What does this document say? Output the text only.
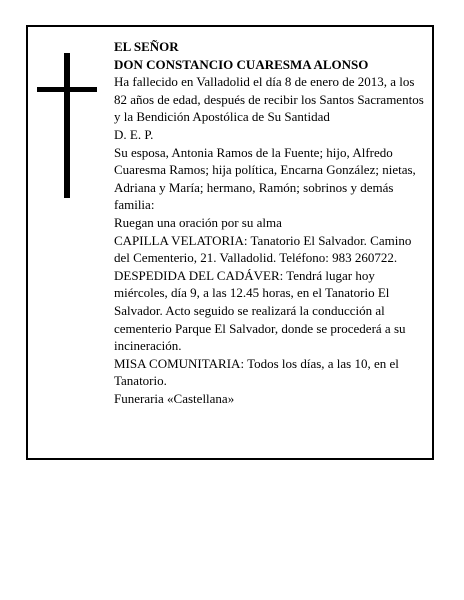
EL SEÑOR

DON CONSTANCIO CUARESMA ALONSO

Ha fallecido en Valladolid el día 8 de enero de 2013, a los 82 años de edad, después de recibir los Santos Sacramentos y la Bendición Apostólica de Su Santidad

D. E. P.

Su esposa, Antonia Ramos de la Fuente; hijo, Alfredo Cuaresma Ramos; hija política, Encarna González; nietas, Adriana y María; hermano, Ramón; sobrinos y demás familia:

Ruegan una oración por su alma

CAPILLA VELATORIA: Tanatorio El Salvador. Camino del Cementerio, 21. Valladolid. Teléfono: 983 260722.

DESPEDIDA DEL CADÁVER: Tendrá lugar hoy miércoles, día 9, a las 12.45 horas, en el Tanatorio El Salvador. Acto seguido se realizará la conducción al cementerio Parque El Salvador, donde se procederá a su incineración.

MISA COMUNITARIA: Todos los días, a las 10, en el Tanatorio.

Funeraria «Castellana»
